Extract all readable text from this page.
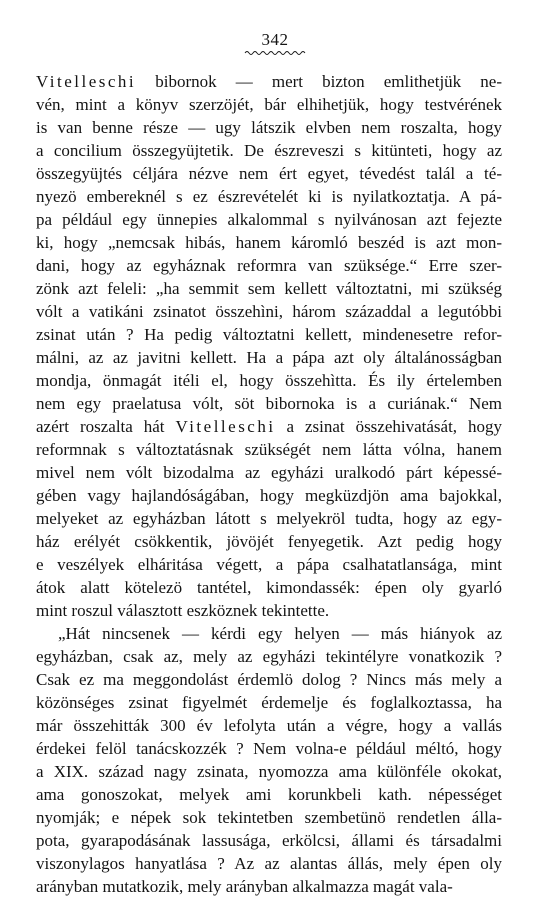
342
Vitelleschi bibornok — mert bizton emlithetjük ne-
vén, mint a könyv szerzöjét, bár elhihetjük, hogy testvérének
is van benne része — ugy látszik elvben nem roszalta, hogy
a concilium összegyüjtetik. De észreveszi s kitünteti, hogy az
összegyüjtés céljára nézve nem ért egyet, tévedést talál a té-
nyezö embereknél s ez észrevételét ki is nyilatkoztatja. A pá-
pa például egy ünnepies alkalommal s nyilvánosan azt fejezte
ki, hogy „nemcsak hibás, hanem káromló beszéd is azt mon-
dani, hogy az egyháznak reformra van szüksége.“ Erre szer-
zönk azt feleli: „ha semmit sem kellett változtatni, mi szükség
vólt a vatikáni zsinatot összehìni, három századdal a legutóbbi
zsinat után ? Ha pedig változtatni kellett, mindenesetre refor-
málni, az az javitni kellett. Ha a pápa azt oly általánosságban
mondja, önmagát itéli el, hogy összehìtta. És ily értelemben
nem egy praelatusa vólt, söt bibornoka is a curiának.“ Nem
azért roszalta hát Vitelleschi a zsinat összehivatását, hogy
reformnak s változtatásnak szükségét nem látta vólna, hanem
mivel nem vólt bizodalma az egyházi uralkodó párt képessé-
gében vagy hajlandóságában, hogy megküzdjön ama bajokkal,
melyeket az egyházban látott s melyekröl tudta, hogy az egy-
ház erélyét csökkentik, jövöjét fenyegetik. Azt pedig hogy
e veszélyek elháritása végett, a pápa csalhatatlansága, mint
átok alatt kötelezö tantétel, kimondassék: épen oly gyarló
mint roszul választott eszköznek tekintette.
„Hát nincsenek — kérdi egy helyen — más hiányok az
egyházban, csak az, mely az egyházi tekintélyre vonatkozik ?
Csak ez ma meggondolást érdemlö dolog ? Nincs más mely a
közönséges zsinat figyelmét érdemelje és foglalkoztassa, ha
már összehitták 300 év lefolyta után a végre, hogy a vallás
érdekei felöl tanácskozzék ? Nem volna-e például méltó, hogy
a XIX. század nagy zsinata, nyomozza ama különféle okokat,
ama gonoszokat, melyek ami korunkbeli kath. népességet
nyomják; e népek sok tekintetben szembetünö rendetlen álla-
pota, gyarapodásának lassusága, erkölcsi, állami és társadalmi
viszonylagos hanyatlása ? Az az alantas állás, mely épen oly
arányban mutatkozik, mely arányban alkalmazza magát vala-
